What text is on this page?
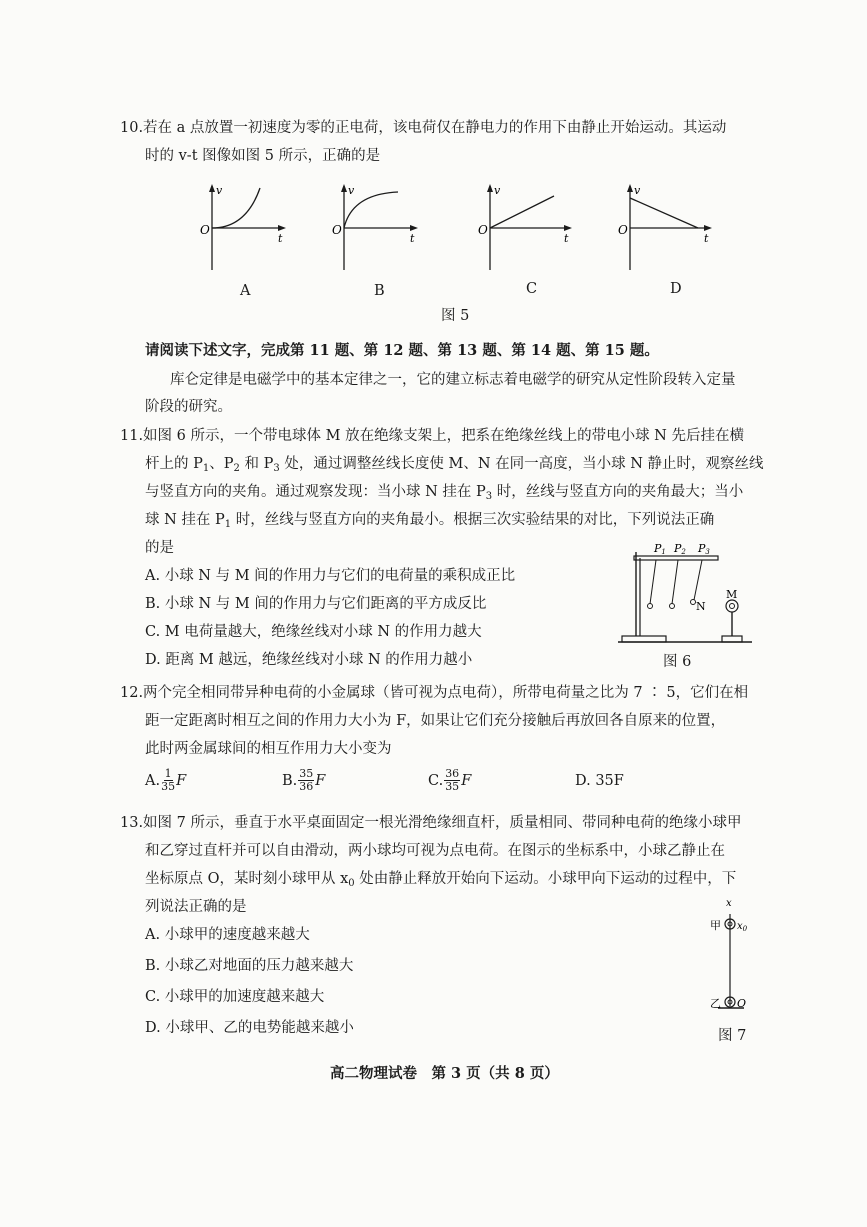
10.若在 a 点放置一初速度为零的正电荷，该电荷仅在静电力的作用下由静止开始运动。其运动
时的 v-t 图像如图 5 所示，正确的是
v
t
O
A
v
t
O
B
v
t
O
C
v
t
O
D
图 5
请阅读下述文字，完成第 11 题、第 12 题、第 13 题、第 14 题、第 15 题。
库仑定律是电磁学中的基本定律之一，它的建立标志着电磁学的研究从定性阶段转入定量
阶段的研究。
11.如图 6 所示，一个带电球体 M 放在绝缘支架上，把系在绝缘丝线上的带电小球 N 先后挂在横
杆上的 $P_1$、$P_2$ 和 $P_3$ 处，通过调整丝线长度使 M、N 在同一高度，当小球 N 静止时，观察丝线
与竖直方向的夹角。通过观察发现：当小球 N 挂在 $P_3$ 时，丝线与竖直方向的夹角最大；当小
球 N 挂在 $P_1$ 时，丝线与竖直方向的夹角最小。根据三次实验结果的对比，下列说法正确
的是
A. 小球 N 与 M 间的作用力与它们的电荷量的乘积成正比
B. 小球 N 与 M 间的作用力与它们距离的平方成反比
C. M 电荷量越大，绝缘丝线对小球 N 的作用力越大
D. 距离 M 越远，绝缘丝线对小球 N 的作用力越小
P1 P2 P3
M
N
图 6
12.两个完全相同带异种电荷的小金属球（皆可视为点电荷），所带电荷量之比为 7 ∶ 5，它们在相
距一定距离时相互之间的作用力大小为 F，如果让它们充分接触后再放回各自原来的位置，
此时两金属球间的相互作用力大小变为
A. $\frac{1}{35}$ F	B. $\frac{35}{36}$ F	C. $\frac{36}{35}$ F	D. 35F
13.如图 7 所示，垂直于水平桌面固定一根光滑绝缘细直杆，质量相同、带同种电荷的绝缘小球甲
和乙穿过直杆并可以自由滑动，两小球均可视为点电荷。在图示的坐标系中，小球乙静止在
坐标原点 O，某时刻小球甲从 $x_0$ 处由静止释放开始向下运动。小球甲向下运动的过程中，下
列说法正确的是
A. 小球甲的速度越来越大
B. 小球乙对地面的压力越来越大
C. 小球甲的加速度越来越大
D. 小球甲、乙的电势能越来越小
x
甲 $x_0$
乙 O
图 7
高二物理试卷　第 3 页（共 8 页）
